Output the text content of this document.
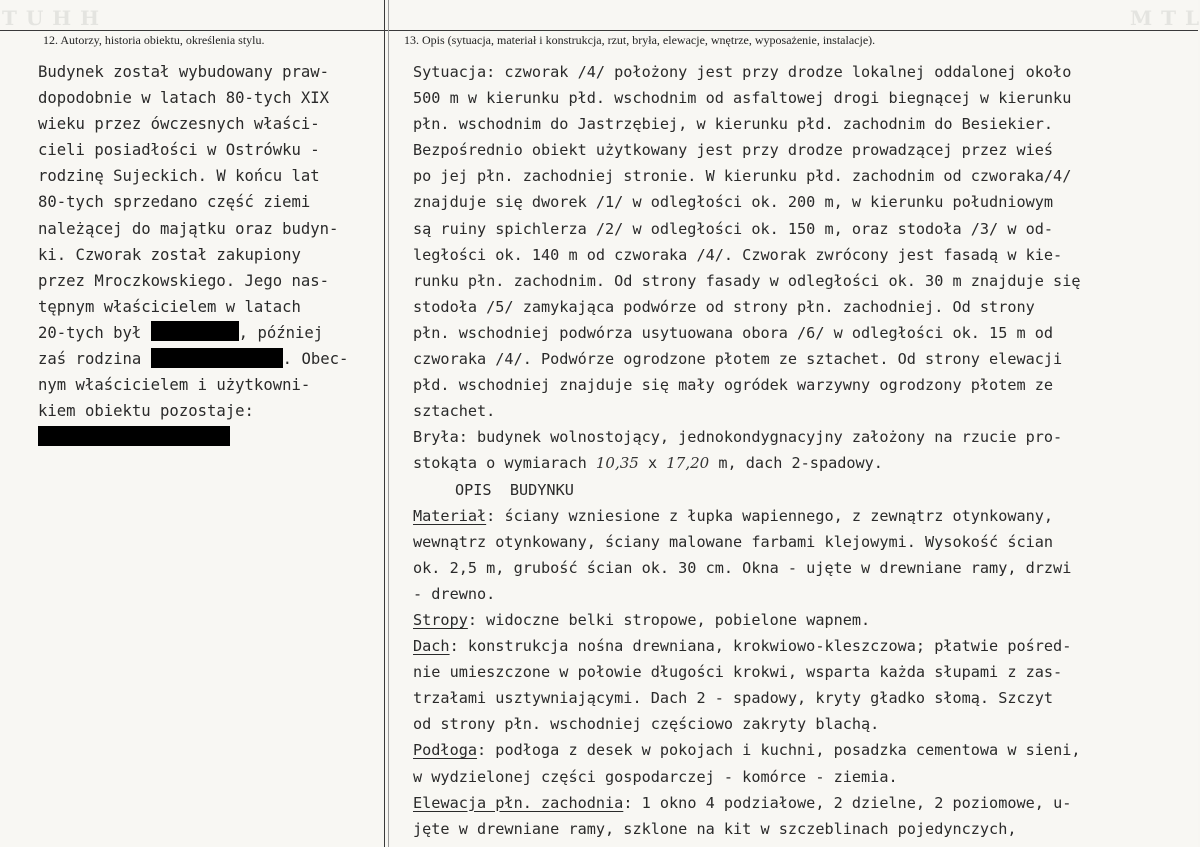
T U H H	M T L
12. Autorzy, historia obiektu, określenia stylu.	13. Opis (sytuacja, materiał i konstrukcja, rzut, bryła, elewacje, wnętrze, wyposażenie, instalacje).
Budynek został wybudowany praw-
dopodobnie w latach 80-tych XIX
wieku przez ówczesnych właści-
cieli posiadłości w Ostrówku -
rodzinę Sujeckich. W końcu lat
80-tych sprzedano część ziemi
należącej do majątku oraz budyn-
ki. Czworak został zakupiony
przez Mroczkowskiego. Jego nas-
tępnym właścicielem w latach
20-tych był	, później
zaś rodzina	. Obec-
nym właścicielem i użytkowni-
kiem obiektu pozostaje:
Sytuacja: czworak /4/ położony jest przy drodze lokalnej oddalonej około
500 m w kierunku płd. wschodnim od asfaltowej drogi biegnącej w kierunku
płn. wschodnim do Jastrzębiej, w kierunku płd. zachodnim do Besiekier.
Bezpośrednio obiekt użytkowany jest przy drodze prowadzącej przez wieś
po jej płn. zachodniej stronie. W kierunku płd. zachodnim od czworaka/4/
znajduje się dworek /1/ w odległości ok. 200 m, w kierunku południowym
są ruiny spichlerza /2/ w odległości ok. 150 m, oraz stodoła /3/ w od-
ległości ok. 140 m od czworaka /4/. Czworak zwrócony jest fasadą w kie-
runku płn. zachodnim. Od strony fasady w odległości ok. 30 m znajduje się
stodoła /5/ zamykająca podwórze od strony płn. zachodniej. Od strony
płn. wschodniej podwórza usytuowana obora /6/ w odległości ok. 15 m od
czworaka /4/. Podwórze ogrodzone płotem ze sztachet. Od strony elewacji
płd. wschodniej znajduje się mały ogródek warzywny ogrodzony płotem ze
sztachet.
Bryła: budynek wolnostojący, jednokondygnacyjny założony na rzucie pro-
stokąta o wymiarach 10,35 x 17,20 m, dach 2-spadowy.
OPIS  BUDYNKU
Materiał: ściany wzniesione z łupka wapiennego, z zewnątrz otynkowany,
wewnątrz otynkowany, ściany malowane farbami klejowymi. Wysokość ścian
ok. 2,5 m, grubość ścian ok. 30 cm. Okna - ujęte w drewniane ramy, drzwi
- drewno.
Stropy: widoczne belki stropowe, pobielone wapnem.
Dach: konstrukcja nośna drewniana, krokwiowo-kleszczowa; płatwie pośred-
nie umieszczone w połowie długości krokwi, wsparta każda słupami z zas-
trzałami usztywniającymi. Dach 2 - spadowy, kryty gładko słomą. Szczyt
od strony płn. wschodniej częściowo zakryty blachą.
Podłoga: podłoga z desek w pokojach i kuchni, posadzka cementowa w sieni,
w wydzielonej części gospodarczej - komórce - ziemia.
Elewacja płn. zachodnia: 1 okno 4 podziałowe, 2 dzielne, 2 poziomowe, u-
jęte w drewniane ramy, szklone na kit w szczeblinach pojedynczych,
